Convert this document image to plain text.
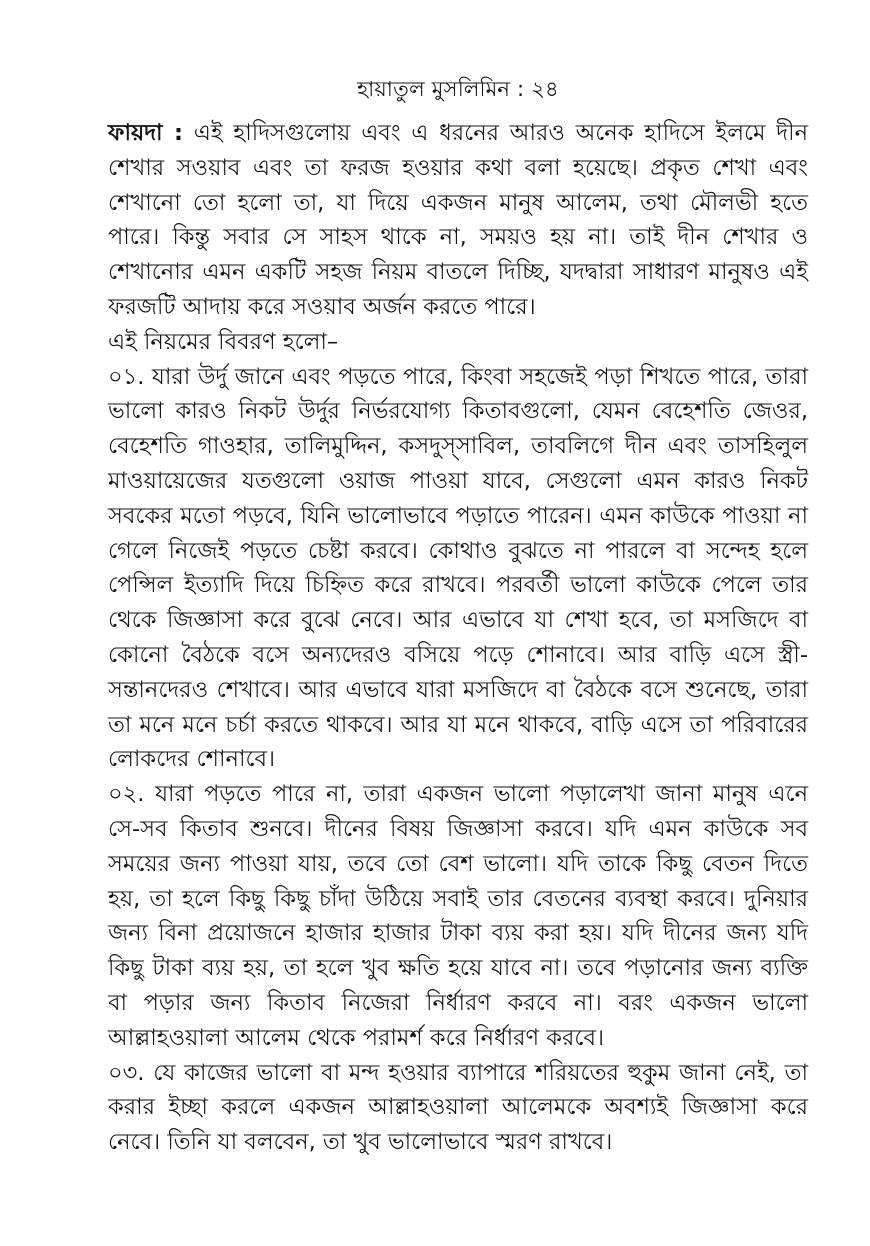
হায়াতুল মুসলিমিন : ২৪

ফায়দা : এই হাদিসগুলোয় এবং এ ধরনের আরও অনেক হাদিসে ইলমে দীন শেখার সওয়াব এবং তা ফরজ হওয়ার কথা বলা হয়েছে। প্রকৃত শেখা এবং শেখানো তো হলো তা, যা দিয়ে একজন মানুষ আলেম, তথা মৌলভী হতে পারে। কিন্তু সবার সে সাহস থাকে না, সময়ও হয় না। তাই দীন শেখার ও শেখানোর এমন একটি সহজ নিয়ম বাতলে দিচ্ছি, যদদ্বারা সাধারণ মানুষও এই ফরজটি আদায় করে সওয়াব অর্জন করতে পারে।

এই নিয়মের বিবরণ হলো–

০১. যারা উর্দু জানে এবং পড়তে পারে, কিংবা সহজেই পড়া শিখতে পারে, তারা ভালো কারও নিকট উর্দুর নির্ভরযোগ্য কিতাবগুলো, যেমন বেহেশতি জেওর, বেহেশতি গাওহার, তালিমুদ্দিন, কসদুস্সাবিল, তাবলিগে দীন এবং তাসহিলুল মাওয়ায়েজের যতগুলো ওয়াজ পাওয়া যাবে, সেগুলো এমন কারও নিকট সবকের মতো পড়বে, যিনি ভালোভাবে পড়াতে পারেন। এমন কাউকে পাওয়া না গেলে নিজেই পড়তে চেষ্টা করবে। কোথাও বুঝতে না পারলে বা সন্দেহ হলে পেন্সিল ইত্যাদি দিয়ে চিহ্নিত করে রাখবে। পরবর্তী ভালো কাউকে পেলে তার থেকে জিজ্ঞাসা করে বুঝে নেবে। আর এভাবে যা শেখা হবে, তা মসজিদে বা কোনো বৈঠকে বসে অন্যদেরও বসিয়ে পড়ে শোনাবে। আর বাড়ি এসে স্ত্রী-সন্তানদেরও শেখাবে। আর এভাবে যারা মসজিদে বা বৈঠকে বসে শুনেছে, তারা তা মনে মনে চর্চা করতে থাকবে। আর যা মনে থাকবে, বাড়ি এসে তা পরিবারের লোকদের শোনাবে।

০২. যারা পড়তে পারে না, তারা একজন ভালো পড়ালেখা জানা মানুষ এনে সে-সব কিতাব শুনবে। দীনের বিষয় জিজ্ঞাসা করবে। যদি এমন কাউকে সব সময়ের জন্য পাওয়া যায়, তবে তো বেশ ভালো। যদি তাকে কিছু বেতন দিতে হয়, তা হলে কিছু কিছু চাঁদা উঠিয়ে সবাই তার বেতনের ব্যবস্থা করবে। দুনিয়ার জন্য বিনা প্রয়োজনে হাজার হাজার টাকা ব্যয় করা হয়। যদি দীনের জন্য যদি কিছু টাকা ব্যয় হয়, তা হলে খুব ক্ষতি হয়ে যাবে না। তবে পড়ানোর জন্য ব্যক্তি বা পড়ার জন্য কিতাব নিজেরা নির্ধারণ করবে না। বরং একজন ভালো আল্লাহওয়ালা আলেম থেকে পরামর্শ করে নির্ধারণ করবে।

০৩. যে কাজের ভালো বা মন্দ হওয়ার ব্যাপারে শরিয়তের হুকুম জানা নেই, তা করার ইচ্ছা করলে একজন আল্লাহওয়ালা আলেমকে অবশ্যই জিজ্ঞাসা করে নেবে। তিনি যা বলবেন, তা খুব ভালোভাবে স্মরণ রাখবে।
